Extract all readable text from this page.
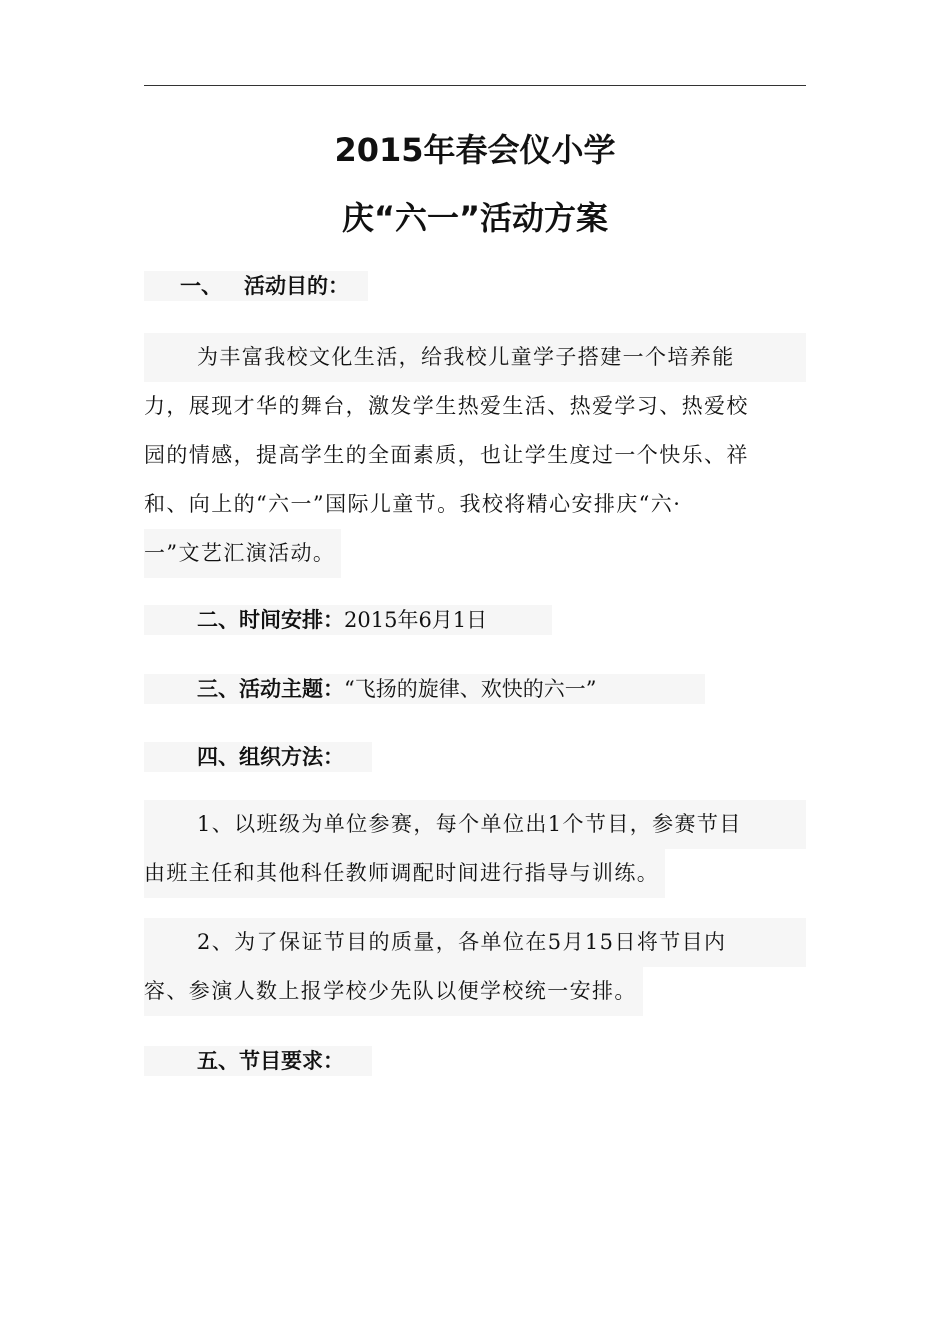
2015年春会仪小学
庆“六一”活动方案
一、 活动目的：
为丰富我校文化生活，给我校儿童学子搭建一个培养能
力，展现才华的舞台，激发学生热爱生活、热爱学习、热爱校
园的情感，提高学生的全面素质，也让学生度过一个快乐、祥
和、向上的“六一”国际儿童节。我校将精心安排庆“六·
一”文艺汇演活动。
二、时间安排：2015年6月1日
三、活动主题：“飞扬的旋律、欢快的六一”
四、组织方法：
1、以班级为单位参赛，每个单位出1个节目，参赛节目
由班主任和其他科任教师调配时间进行指导与训练。
2、为了保证节目的质量，各单位在5月15日将节目内
容、参演人数上报学校少先队以便学校统一安排。
五、节目要求：
